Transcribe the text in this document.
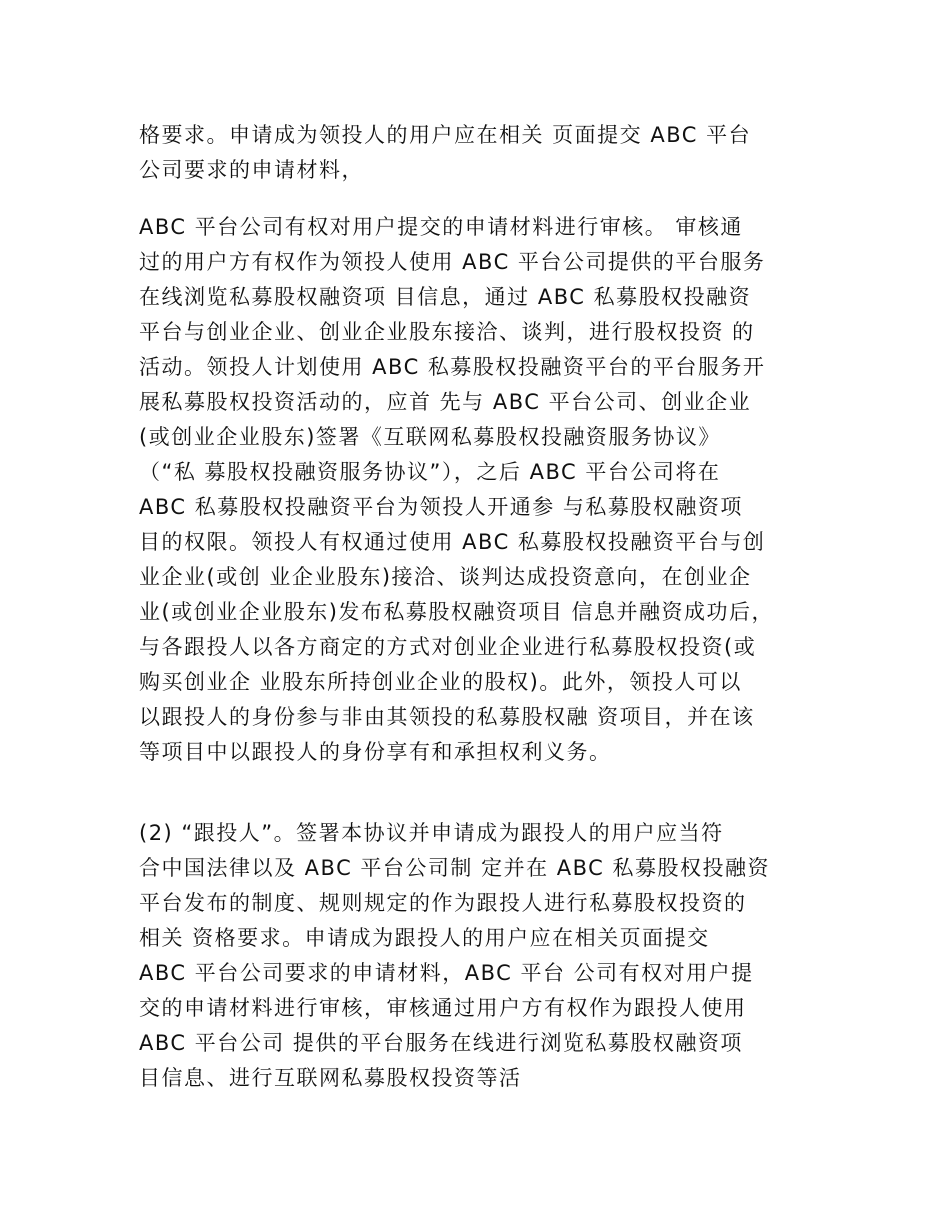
格要求。申请成为领投人的用户应在相关 页面提交 ABC 平台
公司要求的申请材料，
ABC 平台公司有权对用户提交的申请材料进行审核。 审核通
过的用户方有权作为领投人使用 ABC 平台公司提供的平台服务
在线浏览私募股权融资项 目信息，通过 ABC 私募股权投融资
平台与创业企业、创业企业股东接洽、谈判，进行股权投资 的
活动。领投人计划使用 ABC 私募股权投融资平台的平台服务开
展私募股权投资活动的，应首 先与 ABC 平台公司、创业企业
(或创业企业股东)签署《互联网私募股权投融资服务协议》
（“私 募股权投融资服务协议”），之后 ABC 平台公司将在
ABC 私募股权投融资平台为领投人开通参 与私募股权融资项
目的权限。领投人有权通过使用 ABC 私募股权投融资平台与创
业企业(或创 业企业股东)接洽、谈判达成投资意向，在创业企
业(或创业企业股东)发布私募股权融资项目 信息并融资成功后，
与各跟投人以各方商定的方式对创业企业进行私募股权投资(或
购买创业企 业股东所持创业企业的股权)。此外，领投人可以
以跟投人的身份参与非由其领投的私募股权融 资项目，并在该
等项目中以跟投人的身份享有和承担权利义务。
(2) “跟投人”。签署本协议并申请成为跟投人的用户应当符
合中国法律以及 ABC 平台公司制 定并在 ABC 私募股权投融资
平台发布的制度、规则规定的作为跟投人进行私募股权投资的
相关 资格要求。申请成为跟投人的用户应在相关页面提交
ABC 平台公司要求的申请材料，ABC 平台 公司有权对用户提
交的申请材料进行审核，审核通过用户方有权作为跟投人使用
ABC 平台公司 提供的平台服务在线进行浏览私募股权融资项
目信息、进行互联网私募股权投资等活
